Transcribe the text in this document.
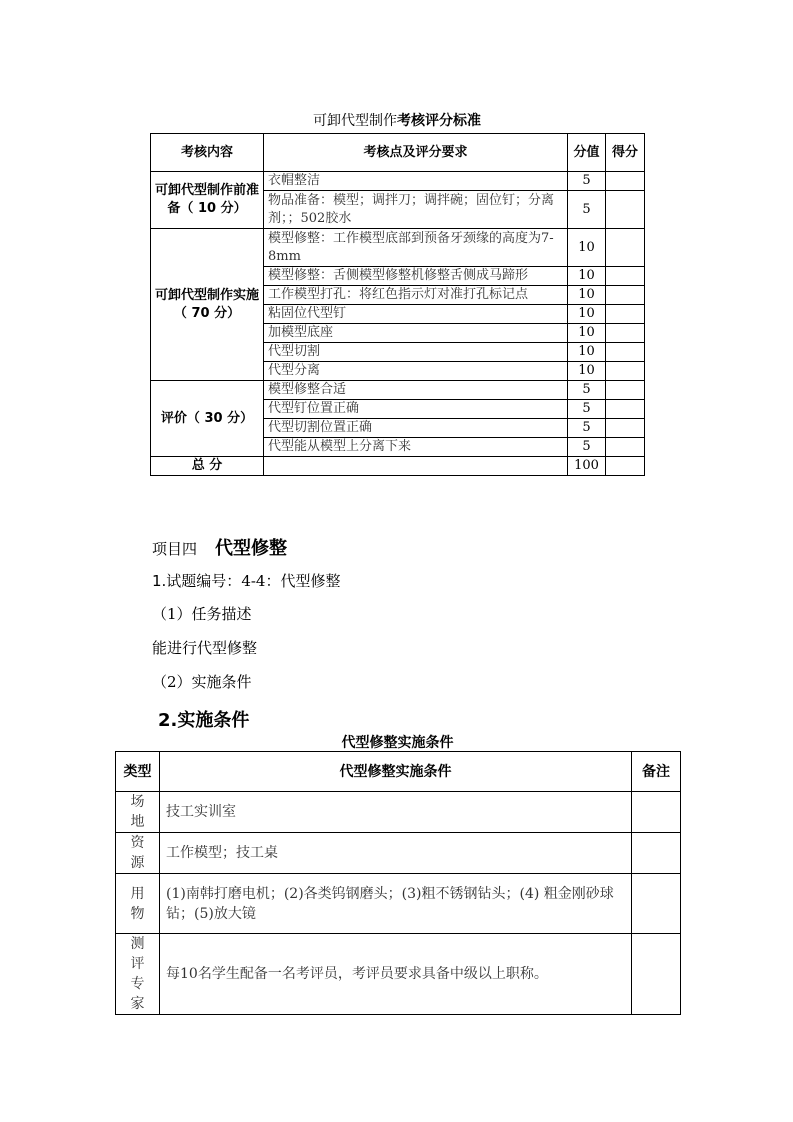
可卸代型制作考核评分标准
考核内容	考核点及评分要求	分值	得分
可卸代型制作前准备（ 10 分）	衣帽整洁	5	
	物品准备：模型；调拌刀；调拌碗；固位钉；分离剂；；502胶水	5	
可卸代型制作实施（ 70 分）	模型修整：工作模型底部到预备牙颈缘的高度为7-8mm	10	
	模型修整：舌侧模型修整机修整舌侧成马蹄形	10	
	工作模型打孔：将红色指示灯对准打孔标记点	10	
	粘固位代型钉	10	
	加模型底座	10	
	代型切割	10	
	代型分离	10	
评价（ 30 分）	模型修整合适	5	
	代型钉位置正确	5	
	代型切割位置正确	5	
	代型能从模型上分离下来	5	
总 分		100	
项目四 代型修整
1.试题编号：4-4：代型修整
（1）任务描述
能进行代型修整
（2）实施条件
2.实施条件
代型修整实施条件
类型	代型修整实施条件	备注
场地	技工实训室	
资源	工作模型；技工桌	
用物	(1)南韩打磨电机；(2)各类钨钢磨头；(3)粗不锈钢钻头；(4) 粗金刚砂球钻；(5)放大镜	
测评专家	每10名学生配备一名考评员，考评员要求具备中级以上职称。	
